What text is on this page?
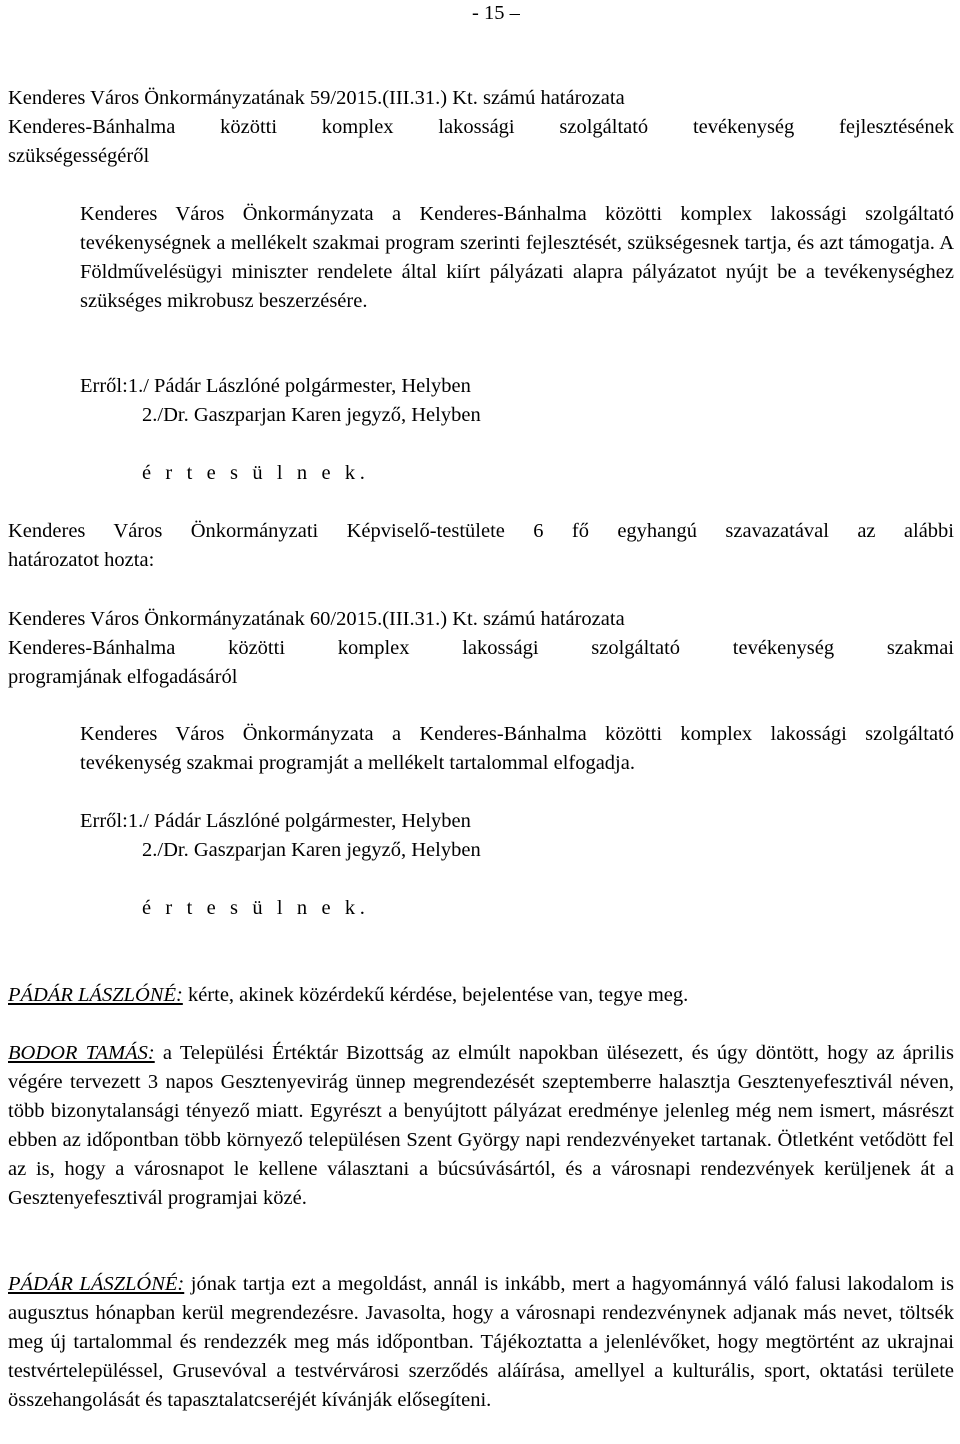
- 15 –
Kenderes Város Önkormányzatának 59/2015.(III.31.) Kt. számú határozata
Kenderes-Bánhalma közötti komplex lakossági szolgáltató tevékenység fejlesztésének
szükségességéről
Kenderes Város Önkormányzata a Kenderes-Bánhalma közötti komplex lakossági szolgáltató tevékenységnek a mellékelt szakmai program szerinti fejlesztését, szükségesnek tartja, és azt támogatja. A Földművelésügyi miniszter rendelete által kiírt pályázati alapra pályázatot nyújt be a tevékenységhez szükséges mikrobusz beszerzésére.
Erről:1./ Pádár Lászlóné polgármester, Helyben
2./Dr. Gaszparjan Karen jegyző, Helyben
é r t e s ü l n e k.
Kenderes Város Önkormányzati Képviselő-testülete 6 fő egyhangú szavazatával az alábbi
határozatot hozta:
Kenderes Város Önkormányzatának 60/2015.(III.31.) Kt. számú határozata
Kenderes-Bánhalma közötti komplex lakossági szolgáltató tevékenység szakmai
programjának elfogadásáról
Kenderes Város Önkormányzata a Kenderes-Bánhalma közötti komplex lakossági szolgáltató tevékenység szakmai programját a mellékelt tartalommal elfogadja.
Erről:1./ Pádár Lászlóné polgármester, Helyben
2./Dr. Gaszparjan Karen jegyző, Helyben
é r t e s ü l n e k.
PÁDÁR LÁSZLÓNÉ: kérte, akinek közérdekű kérdése, bejelentése van, tegye meg.
BODOR TAMÁS: a Települési Értéktár Bizottság az elmúlt napokban ülésezett, és úgy döntött, hogy az április végére tervezett 3 napos Gesztenyevirág ünnep megrendezését szeptemberre halasztja Gesztenyefesztivál néven, több bizonytalansági tényező miatt. Egyrészt a benyújtott pályázat eredménye jelenleg még nem ismert, másrészt ebben az időpontban több környező településen Szent György napi rendezvényeket tartanak. Ötletként vetődött fel az is, hogy a városnapot le kellene választani a búcsúvásártól, és a városnapi rendezvények kerüljenek át a Gesztenyefesztivál programjai közé.
PÁDÁR LÁSZLÓNÉ: jónak tartja ezt a megoldást, annál is inkább, mert a hagyománnyá váló falusi lakodalom is augusztus hónapban kerül megrendezésre. Javasolta, hogy a városnapi rendezvénynek adjanak más nevet, töltsék meg új tartalommal és rendezzék meg más időpontban. Tájékoztatta a jelenlévőket, hogy megtörtént az ukrajnai testvértelepüléssel, Grusevóval a testvérvárosi szerződés aláírása, amellyel a kulturális, sport, oktatási területe összehangolását és tapasztalatcseréjét kívánják elősegíteni.
